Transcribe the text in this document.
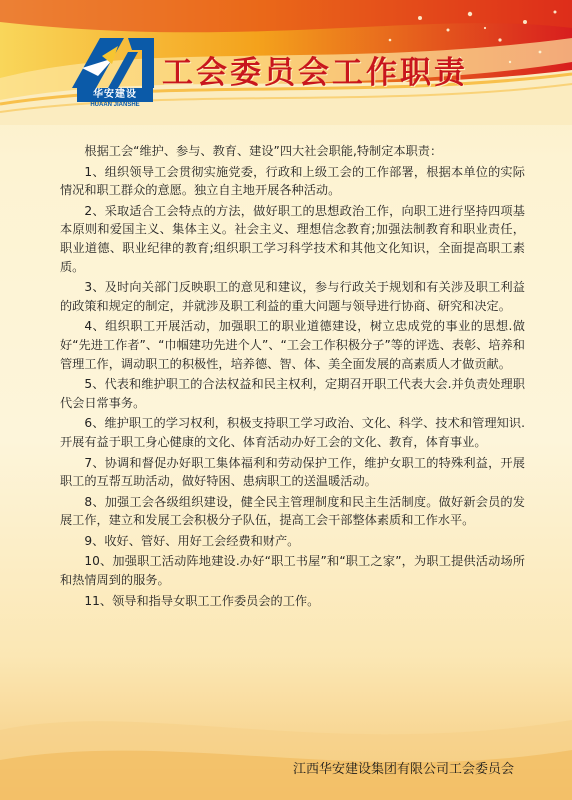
华安建设
HUAAN JIANSHE
工会委员会工作职责

根据工会“维护、参与、教育、建设”四大社会职能,特制定本职责：

1、组织领导工会贯彻实施党委，行政和上级工会的工作部署，根据本单位的实际情况和职工群众的意愿。独立自主地开展各种活动。

2、采取适合工会特点的方法，做好职工的思想政治工作，向职工进行坚持四项基本原则和爱国主义、集体主义。社会主义、理想信念教育;加强法制教育和职业责任，职业道德、职业纪律的教育;组织职工学习科学技术和其他文化知识，全面提高职工素质。

3、及时向关部门反映职工的意见和建议，参与行政关于规划和有关涉及职工利益的政策和规定的制定，并就涉及职工利益的重大问题与领导进行协商、研究和决定。

4、组织职工开展活动，加强职工的职业道德建设，树立忠成党的事业的思想.做好“先进工作者”、“巾帼建功先进个人”、“工会工作积极分子”等的评选、表彰、培养和管理工作，调动职工的积极性，培养德、智、体、美全面发展的高素质人才做贡献。

5、代表和维护职工的合法权益和民主权利，定期召开职工代表大会.并负责处理职代会日常事务。

6、维护职工的学习权利，积极支持职工学习政治、文化、科学、技术和管理知识.开展有益于职工身心健康的文化、体育活动办好工会的文化、教育，体育事业。

7、协调和督促办好职工集体福利和劳动保护工作，维护女职工的特殊利益，开展职工的互帮互助活动，做好特困、患病职工的送温暖活动。

8、加强工会各级组织建设，健全民主管理制度和民主生活制度。做好新会员的发展工作，建立和发展工会积极分子队伍，提高工会干部整体素质和工作水平。

9、收好、管好、用好工会经费和财产。

10、加强职工活动阵地建设.办好“职工书屋”和“职工之家”，为职工提供活动场所和热情周到的服务。

11、领导和指导女职工工作委员会的工作。

江西华安建设集团有限公司工会委员会
